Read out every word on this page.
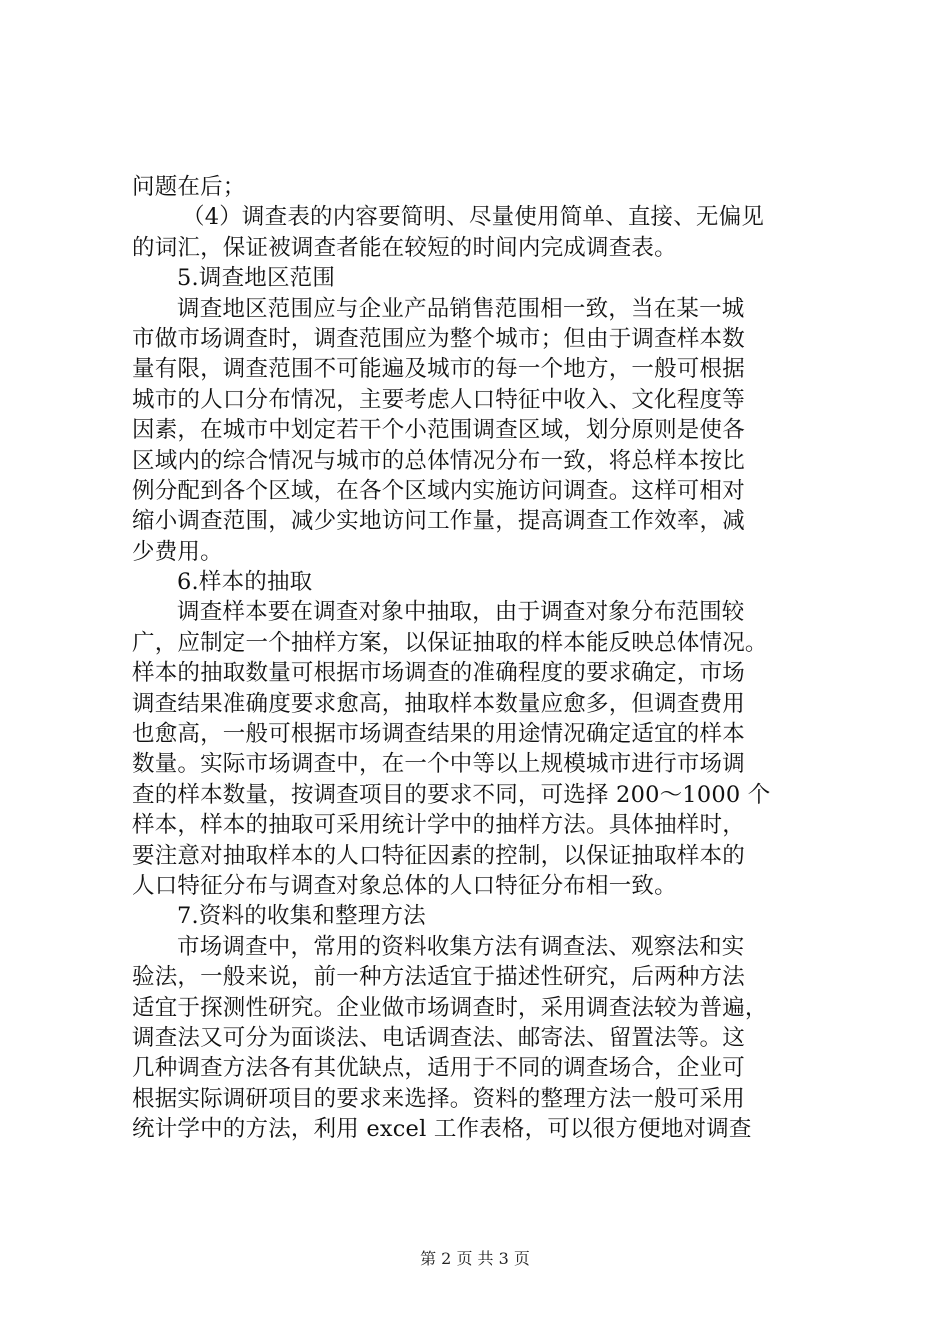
问题在后；
（4）调查表的内容要简明、尽量使用简单、直接、无偏见
的词汇，保证被调查者能在较短的时间内完成调查表。
5.调查地区范围
调查地区范围应与企业产品销售范围相一致，当在某一城
市做市场调查时，调查范围应为整个城市；但由于调查样本数
量有限，调查范围不可能遍及城市的每一个地方，一般可根据
城市的人口分布情况，主要考虑人口特征中收入、文化程度等
因素，在城市中划定若干个小范围调查区域，划分原则是使各
区域内的综合情况与城市的总体情况分布一致，将总样本按比
例分配到各个区域，在各个区域内实施访问调查。这样可相对
缩小调查范围，减少实地访问工作量，提高调查工作效率，减
少费用。
6.样本的抽取
调查样本要在调查对象中抽取，由于调查对象分布范围较
广，应制定一个抽样方案，以保证抽取的样本能反映总体情况。
样本的抽取数量可根据市场调查的准确程度的要求确定，市场
调查结果准确度要求愈高，抽取样本数量应愈多，但调查费用
也愈高，一般可根据市场调查结果的用途情况确定适宜的样本
数量。实际市场调查中，在一个中等以上规模城市进行市场调
查的样本数量，按调查项目的要求不同，可选择 200～1000 个
样本，样本的抽取可采用统计学中的抽样方法。具体抽样时，
要注意对抽取样本的人口特征因素的控制，以保证抽取样本的
人口特征分布与调查对象总体的人口特征分布相一致。
7.资料的收集和整理方法
市场调查中，常用的资料收集方法有调查法、观察法和实
验法，一般来说，前一种方法适宜于描述性研究，后两种方法
适宜于探测性研究。企业做市场调查时，采用调查法较为普遍，
调查法又可分为面谈法、电话调查法、邮寄法、留置法等。这
几种调查方法各有其优缺点，适用于不同的调查场合，企业可
根据实际调研项目的要求来选择。资料的整理方法一般可采用
统计学中的方法，利用 excel 工作表格，可以很方便地对调查
第 2 页 共 3 页
